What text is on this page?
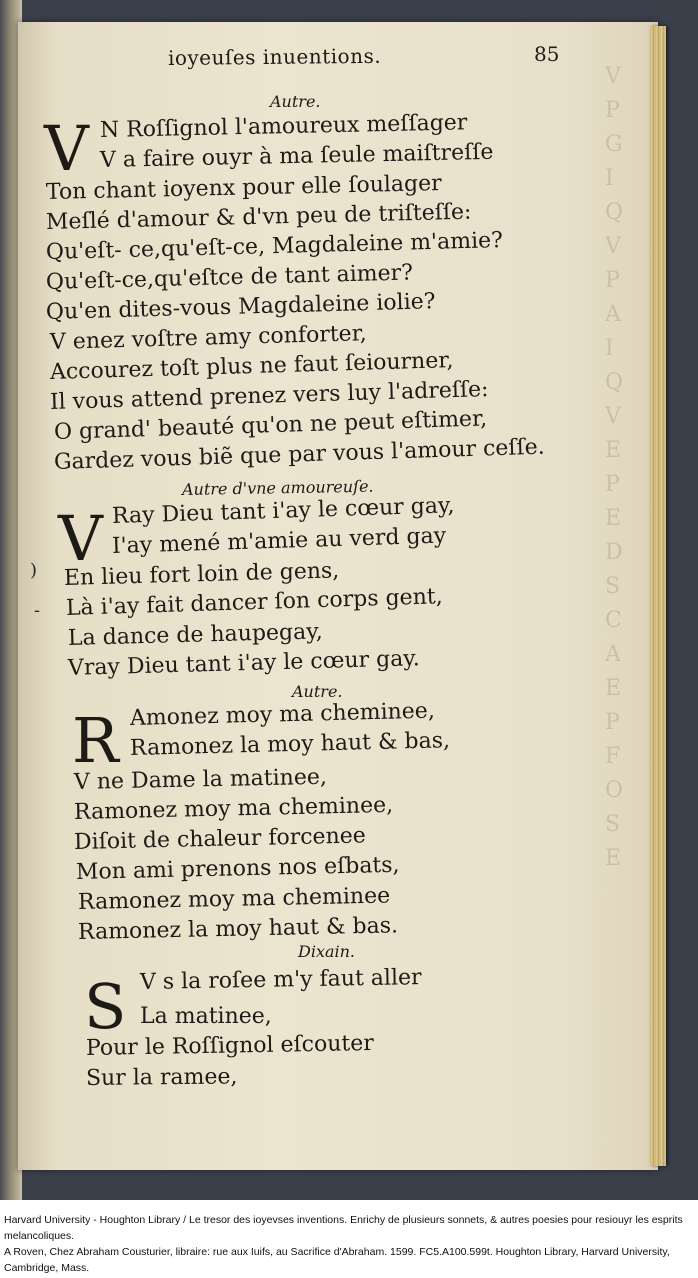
V
P
G
I
Q
V
P
A
I
Q
V
E
P
E
D
S
C
A
E
P
F
O
S
E
ioyeuſes inuentions.	85
Autre.
V N Roſſignol l'amoureux meſſager
V a faire ouyr à ma ſeule maiſtreſſe
Ton chant ioyenx pour elle ſoulager
Meſlé d'amour & d'vn peu de triſteſſe:
Qu'eſt- ce,qu'eſt-ce, Magdaleine m'amie?
Qu'eſt-ce,qu'eſtce de tant aimer?
Qu'en dites-vous Magdaleine iolie?
V enez voſtre amy conforter,
Accourez toſt plus ne faut ſeiourner,
Il vous attend prenez vers luy l'adreſſe:
O grand' beauté qu'on ne peut eſtimer,
Gardez vous biẽ que par vous l'amour ceſſe.
Autre d'vne amoureuſe.
V Ray Dieu tant i'ay le cœur gay,
I'ay mené m'amie au verd gay
En lieu fort loin de gens,
Là i'ay fait dancer ſon corps gent,
La dance de haupegay,
Vray Dieu tant i'ay le cœur gay.
)
-
Autre.
R Amonez moy ma cheminee,
Ramonez la moy haut & bas,
V ne Dame la matinee,
Ramonez moy ma cheminee,
Diſoit de chaleur forcenee
Mon ami prenons nos eſbats,
Ramonez moy ma cheminee
Ramonez la moy haut & bas.
Dixain.
S V s la roſee m'y faut aller
La matinee,
Pour le Roſſignol eſcouter
Sur la ramee,
Harvard University - Houghton Library / Le tresor des ioyevses inventions. Enrichy de plusieurs sonnets, & autres poesies pour resiouyr les esprits melancoliques.
A Roven, Chez Abraham Cousturier, libraire: rue aux Iuifs, au Sacrifice d'Abraham. 1599. FC5.A100.599t. Houghton Library, Harvard University, Cambridge, Mass.
